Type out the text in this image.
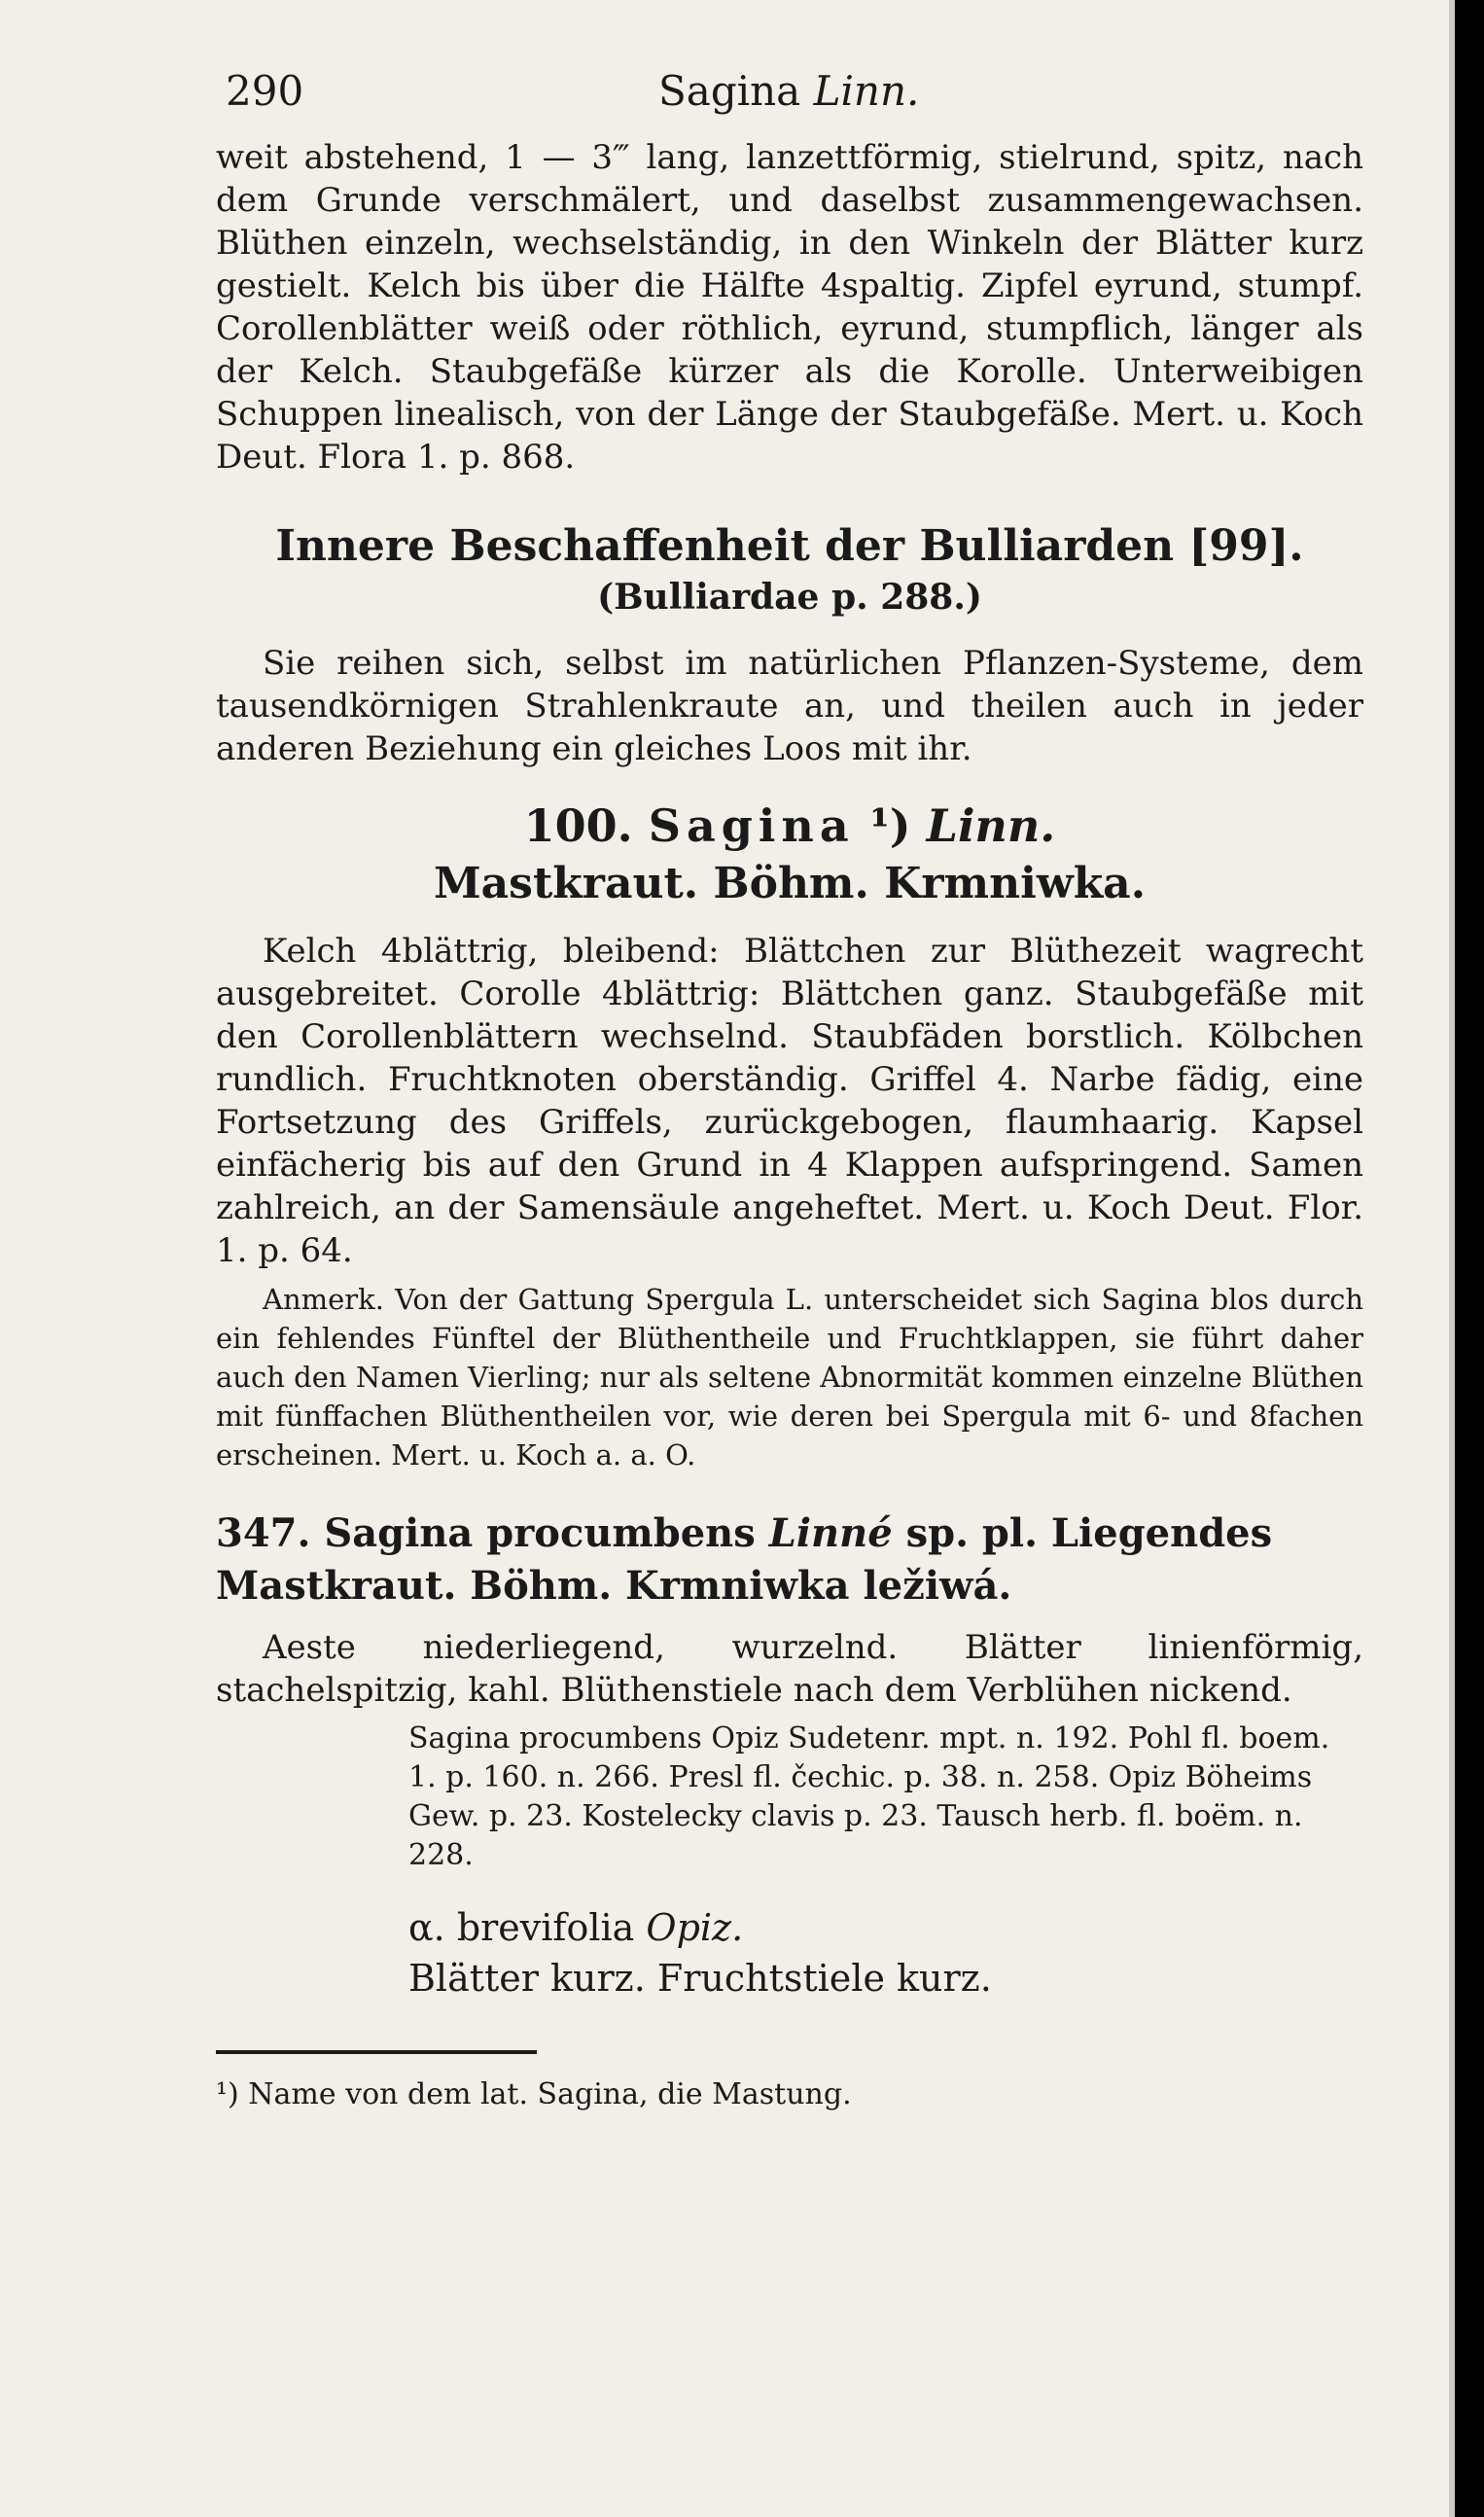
290	Sagina Linn.

weit abstehend, 1 — 3‴ lang, lanzettförmig, stielrund, spitz, nach dem Grunde verschmälert, und daselbst zusammengewachsen. Blüthen einzeln, wechselständig, in den Winkeln der Blätter kurz gestielt. Kelch bis über die Hälfte 4spaltig. Zipfel eyrund, stumpf. Corollenblätter weiß oder röthlich, eyrund, stumpflich, länger als der Kelch. Staubgefäße kürzer als die Korolle. Unterweibigen Schuppen linealisch, von der Länge der Staubgefäße. Mert. u. Koch Deut. Flora 1. p. 868.

Innere Beschaffenheit der Bulliarden [99].
(Bulliardae p. 288.)

Sie reihen sich, selbst im natürlichen Pflanzen-Systeme, dem tausendkörnigen Strahlenkraute an, und theilen auch in jeder anderen Beziehung ein gleiches Loos mit ihr.

100. Sagina ¹) Linn.
Mastkraut. Böhm. Krmniwka.

Kelch 4blättrig, bleibend: Blättchen zur Blüthezeit wagrecht ausgebreitet. Corolle 4blättrig: Blättchen ganz. Staubgefäße mit den Corollenblättern wechselnd. Staubfäden borstlich. Kölbchen rundlich. Fruchtknoten oberständig. Griffel 4. Narbe fädig, eine Fortsetzung des Griffels, zurückgebogen, flaumhaarig. Kapsel einfächerig bis auf den Grund in 4 Klappen aufspringend. Samen zahlreich, an der Samensäule angeheftet. Mert. u. Koch Deut. Flor. 1. p. 64.

Anmerk. Von der Gattung Spergula L. unterscheidet sich Sagina blos durch ein fehlendes Fünftel der Blüthentheile und Fruchtklappen, sie führt daher auch den Namen Vierling; nur als seltene Abnormität kommen einzelne Blüthen mit fünffachen Blüthentheilen vor, wie deren bei Spergula mit 6- und 8fachen erscheinen. Mert. u. Koch a. a. O.

347. Sagina procumbens Linné sp. pl. Liegendes Mastkraut. Böhm. Krmniwka ležiwá.

Aeste niederliegend, wurzelnd. Blätter linienförmig, stachelspitzig, kahl. Blüthenstiele nach dem Verblühen nickend.

Sagina procumbens Opiz Sudetenr. mpt. n. 192. Pohl fl. boem. 1. p. 160. n. 266. Presl fl. čechic. p. 38. n. 258. Opiz Böheims Gew. p. 23. Kostelecky clavis p. 23. Tausch herb. fl. boëm. n. 228.

α. brevifolia Opiz.
Blätter kurz. Fruchtstiele kurz.

¹) Name von dem lat. Sagina, die Mastung.
